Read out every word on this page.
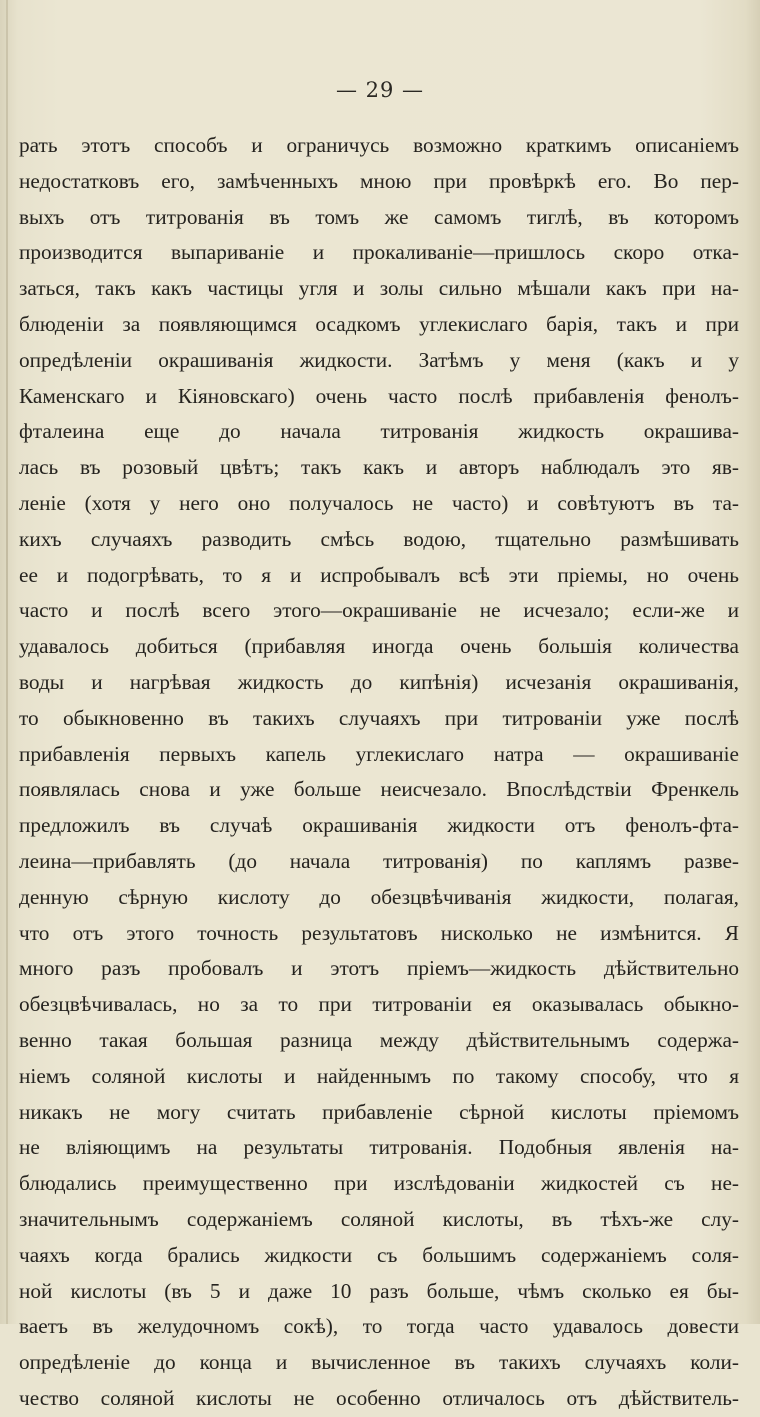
— 29 —
рать этотъ способъ и ограничусь возможно краткимъ описаніемъ
недостатковъ его, замѣченныхъ мною при провѣркѣ его. Во пер-
выхъ отъ титрованія въ томъ же самомъ тиглѣ, въ которомъ
производится выпариваніе и прокаливаніе—пришлось скоро отка-
заться, такъ какъ частицы угля и золы сильно мѣшали какъ при на-
блюденіи за появляющимся осадкомъ углекислаго барія, такъ и при
опредѣленіи окрашиванія жидкости. Затѣмъ у меня (какъ и у
Каменскаго и Кіяновскаго) очень часто послѣ прибавленія фенолъ-
фталеина еще до начала титрованія жидкость окрашива-
лась въ розовый цвѣтъ; такъ какъ и авторъ наблюдалъ это яв-
леніе (хотя у него оно получалось не часто) и совѣтуютъ въ та-
кихъ случаяхъ разводить смѣсь водою, тщательно размѣшивать
ее и подогрѣвать, то я и испробывалъ всѣ эти пріемы, но очень
часто и послѣ всего этого—окрашиваніе не исчезало; если-же и
удавалось добиться (прибавляя иногда очень большія количества
воды и нагрѣвая жидкость до кипѣнія) исчезанія окрашиванія,
то обыкновенно въ такихъ случаяхъ при титрованіи уже послѣ
прибавленія первыхъ капель углекислаго натра — окрашиваніе
появлялась снова и уже больше неисчезало. Впослѣдствіи Френкель
предложилъ въ случаѣ окрашиванія жидкости отъ фенолъ-фта-
леина—прибавлять (до начала титрованія) по каплямъ разве-
денную сѣрную кислоту до обезцвѣчиванія жидкости, полагая,
что отъ этого точность результатовъ нисколько не измѣнится. Я
много разъ пробовалъ и этотъ пріемъ—жидкость дѣйствительно
обезцвѣчивалась, но за то при титрованіи ея оказывалась обыкно-
венно такая большая разница между дѣйствительнымъ содержа-
ніемъ соляной кислоты и найденнымъ по такому способу, что я
никакъ не могу считать прибавленіе сѣрной кислоты пріемомъ
не вліяющимъ на результаты титрованія. Подобныя явленія на-
блюдались преимущественно при изслѣдованіи жидкостей съ не-
значительнымъ содержаніемъ соляной кислоты, въ тѣхъ-же слу-
чаяхъ когда брались жидкости съ большимъ содержаніемъ соля-
ной кислоты (въ 5 и даже 10 разъ больше, чѣмъ сколько ея бы-
ваетъ въ желудочномъ сокѣ), то тогда часто удавалось довести
опредѣленіе до конца и вычисленное въ такихъ случаяхъ коли-
чество соляной кислоты не особенно отличалось отъ дѣйствитель-
